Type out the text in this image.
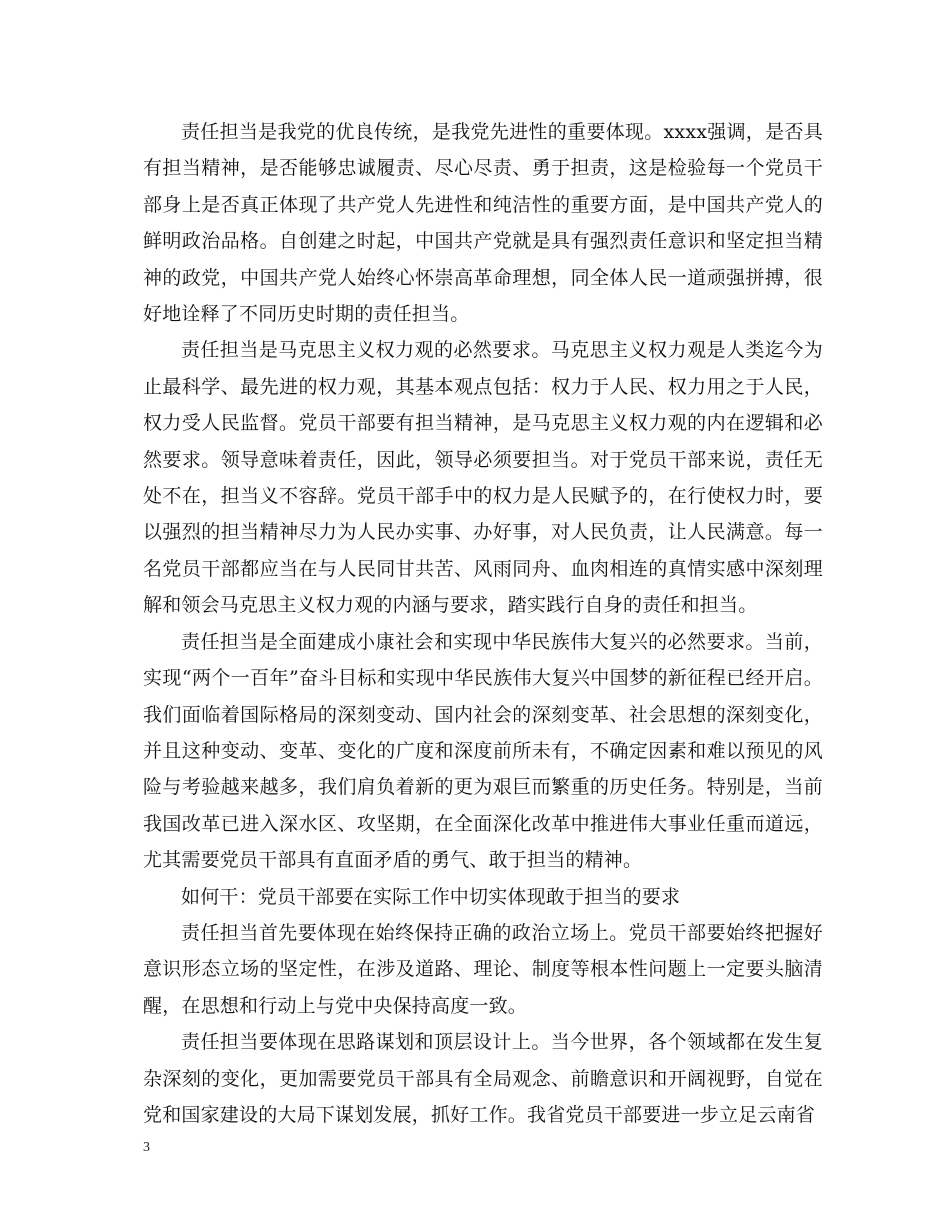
责任担当是我党的优良传统，是我党先进性的重要体现。xxxx强调，是否具有担当精神，是否能够忠诚履责、尽心尽责、勇于担责，这是检验每一个党员干部身上是否真正体现了共产党人先进性和纯洁性的重要方面，是中国共产党人的鲜明政治品格。自创建之时起，中国共产党就是具有强烈责任意识和坚定担当精神的政党，中国共产党人始终心怀崇高革命理想，同全体人民一道顽强拼搏，很好地诠释了不同历史时期的责任担当。

责任担当是马克思主义权力观的必然要求。马克思主义权力观是人类迄今为止最科学、最先进的权力观，其基本观点包括：权力于人民、权力用之于人民，权力受人民监督。党员干部要有担当精神，是马克思主义权力观的内在逻辑和必然要求。领导意味着责任，因此，领导必须要担当。对于党员干部来说，责任无处不在，担当义不容辞。党员干部手中的权力是人民赋予的，在行使权力时，要以强烈的担当精神尽力为人民办实事、办好事，对人民负责，让人民满意。每一名党员干部都应当在与人民同甘共苦、风雨同舟、血肉相连的真情实感中深刻理解和领会马克思主义权力观的内涵与要求，踏实践行自身的责任和担当。

责任担当是全面建成小康社会和实现中华民族伟大复兴的必然要求。当前，实现“两个一百年”奋斗目标和实现中华民族伟大复兴中国梦的新征程已经开启。我们面临着国际格局的深刻变动、国内社会的深刻变革、社会思想的深刻变化，并且这种变动、变革、变化的广度和深度前所未有，不确定因素和难以预见的风险与考验越来越多，我们肩负着新的更为艰巨而繁重的历史任务。特别是，当前我国改革已进入深水区、攻坚期，在全面深化改革中推进伟大事业任重而道远，尤其需要党员干部具有直面矛盾的勇气、敢于担当的精神。

如何干：党员干部要在实际工作中切实体现敢于担当的要求

责任担当首先要体现在始终保持正确的政治立场上。党员干部要始终把握好意识形态立场的坚定性，在涉及道路、理论、制度等根本性问题上一定要头脑清醒，在思想和行动上与党中央保持高度一致。

责任担当要体现在思路谋划和顶层设计上。当今世界，各个领域都在发生复杂深刻的变化，更加需要党员干部具有全局观念、前瞻意识和开阔视野，自觉在党和国家建设的大局下谋划发展，抓好工作。我省党员干部要进一步立足云南省

3
